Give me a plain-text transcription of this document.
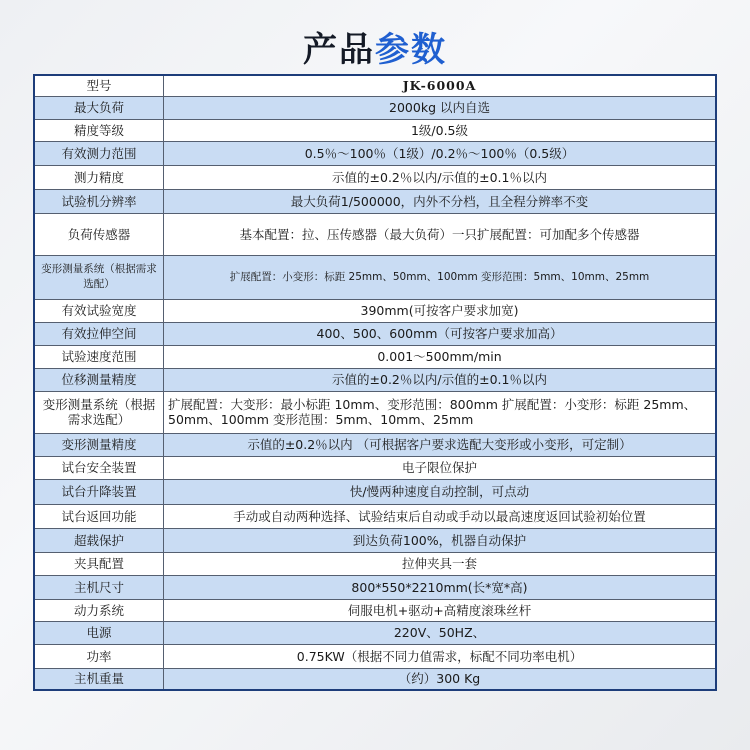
产品参数
型号	JK-6000A
最大负荷	2000kg 以内自选
精度等级	1级/0.5级
有效测力范围	0.5％～100％（1级）/0.2％～100％（0.5级）
测力精度	示值的±0.2％以内/示值的±0.1％以内
试验机分辨率	最大负荷1/500000，内外不分档，且全程分辨率不变
负荷传感器	基本配置：拉、压传感器（最大负荷）一只扩展配置：可加配多个传感器
变形测量系统（根据需求选配）	扩展配置：小变形：标距 25mm、50mm、100mm 变形范围：5mm、10mm、25mm
有效试验宽度	390mm(可按客户要求加宽)
有效拉伸空间	400、500、600mm（可按客户要求加高）
试验速度范围	0.001～500mm/min
位移测量精度	示值的±0.2％以内/示值的±0.1％以内
变形测量系统（根据需求选配）	扩展配置：大变形：最小标距 10mm、变形范围：800mm 扩展配置：小变形：标距 25mm、50mm、100mm 变形范围：5mm、10mm、25mm
变形测量精度	示值的±0.2％以内 （可根据客户要求选配大变形或小变形，可定制）
试台安全装置	电子限位保护
试台升降装置	快/慢两种速度自动控制，可点动
试台返回功能	手动或自动两种选择、试验结束后自动或手动以最高速度返回试验初始位置
超载保护	到达负荷100%，机器自动保护
夹具配置	拉伸夹具一套
主机尺寸	800*550*2210mm(长*宽*高)
动力系统	伺服电机+驱动+高精度滚珠丝杆
电源	220V、50HZ、
功率	0.75KW（根据不同力值需求，标配不同功率电机）
主机重量	（约）300 Kg
